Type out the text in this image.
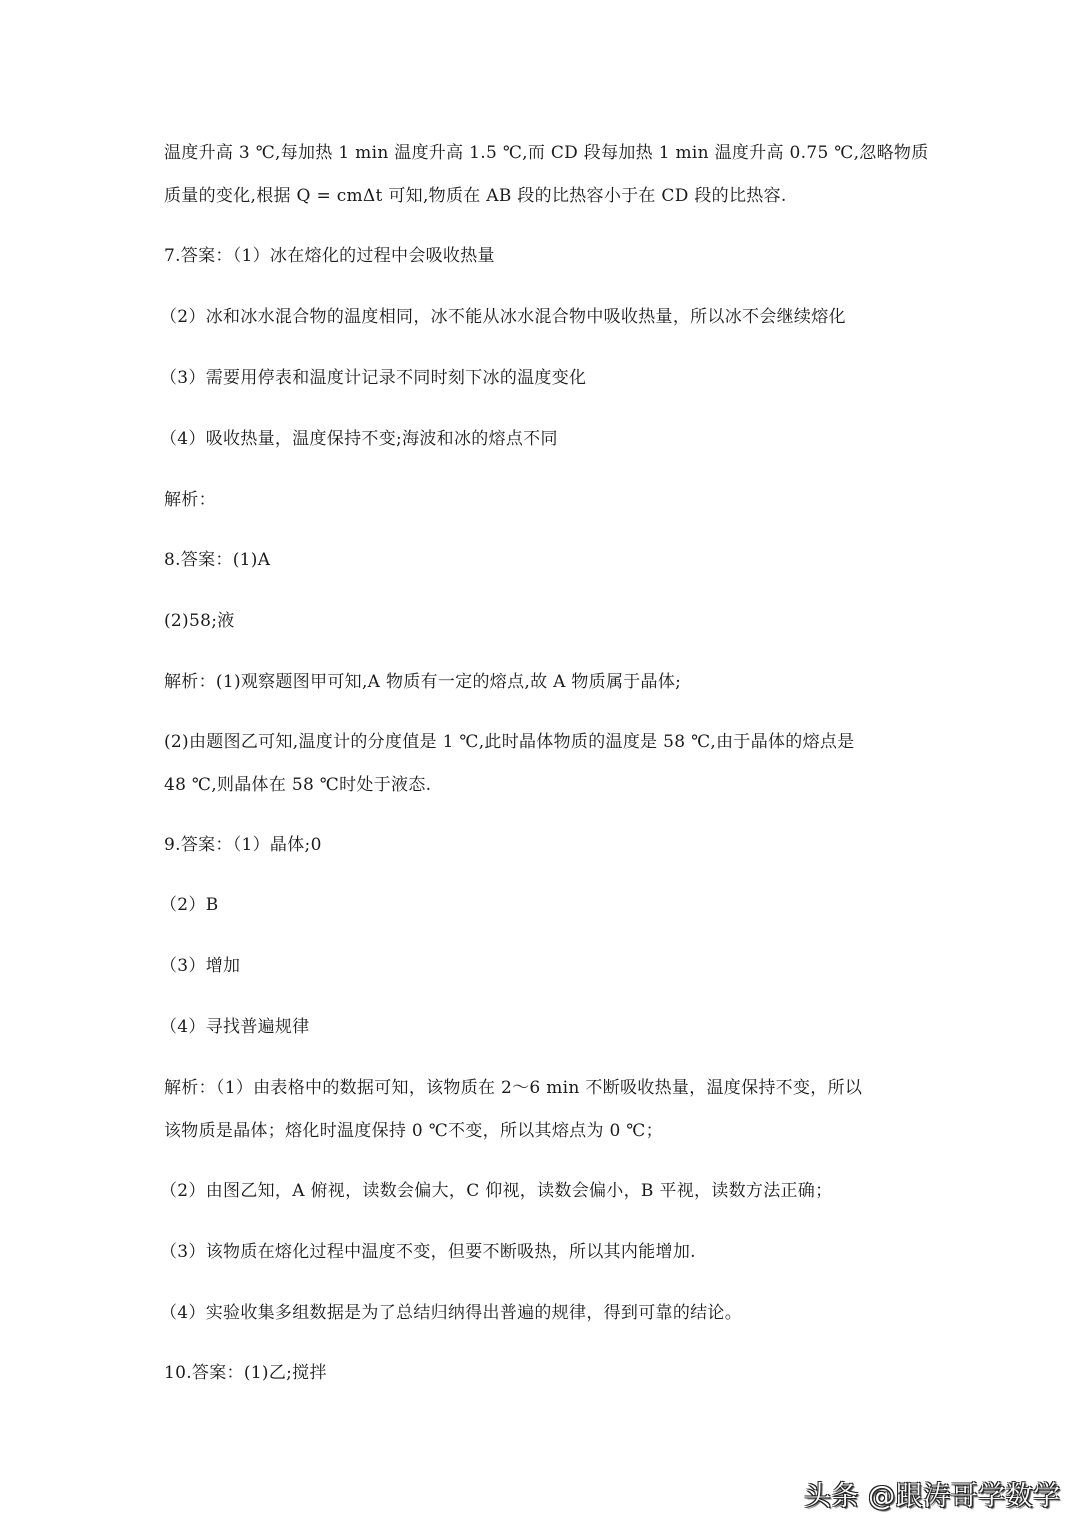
温度升高 3 ℃,每加热 1 min 温度升高 1.5 ℃,而 CD 段每加热 1 min 温度升高 0.75 ℃,忽略物质
质量的变化,根据 Q = cmΔt 可知,物质在 AB 段的比热容小于在 CD 段的比热容.
7.答案：（1）冰在熔化的过程中会吸收热量
（2）冰和冰水混合物的温度相同，冰不能从冰水混合物中吸收热量，所以冰不会继续熔化
（3）需要用停表和温度计记录不同时刻下冰的温度变化
（4）吸收热量，温度保持不变;海波和冰的熔点不同
解析：
8.答案：(1)A
(2)58;液
解析：(1)观察题图甲可知,A 物质有一定的熔点,故 A 物质属于晶体;
(2)由题图乙可知,温度计的分度值是 1 ℃,此时晶体物质的温度是 58 ℃,由于晶体的熔点是
48 ℃,则晶体在 58 ℃时处于液态.
9.答案：（1）晶体;0
（2）B
（3）增加
（4）寻找普遍规律
解析：（1）由表格中的数据可知，该物质在 2～6 min 不断吸收热量，温度保持不变，所以
该物质是晶体；熔化时温度保持 0 ℃不变，所以其熔点为 0 ℃；
（2）由图乙知，A 俯视，读数会偏大，C 仰视，读数会偏小，B 平视，读数方法正确；
（3）该物质在熔化过程中温度不变，但要不断吸热，所以其内能增加.
（4）实验收集多组数据是为了总结归纳得出普遍的规律，得到可靠的结论。
10.答案：(1)乙;搅拌
头条 @跟涛哥学数学
